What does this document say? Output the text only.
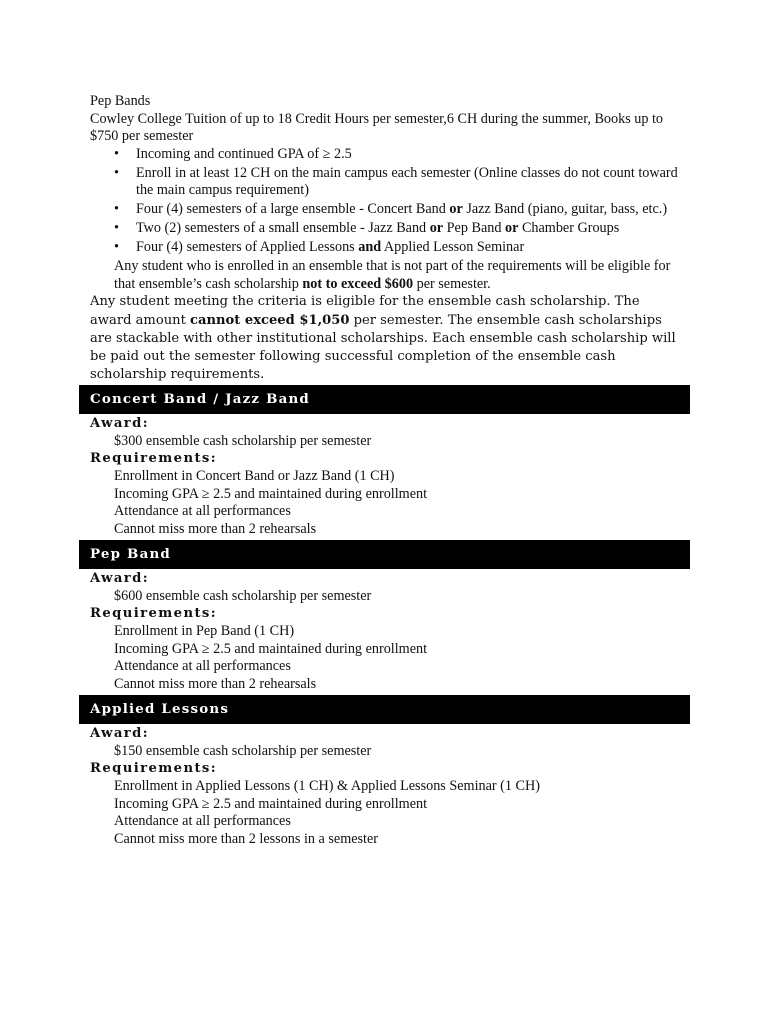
Pep Bands

Cowley College Tuition of up to 18 Credit Hours per semester,6 CH during the summer, Books up to $750 per semester

• Incoming and continued GPA of ≥ 2.5
• Enroll in at least 12 CH on the main campus each semester (Online classes do not count toward the main campus requirement)
• Four (4) semesters of a large ensemble - Concert Band or Jazz Band (piano, guitar, bass, etc.)
• Two (2) semesters of a small ensemble - Jazz Band or Pep Band or Chamber Groups
• Four (4) semesters of Applied Lessons and Applied Lesson Seminar

Any student who is enrolled in an ensemble that is not part of the requirements will be eligible for that ensemble’s cash scholarship not to exceed $600 per semester.

Any student meeting the criteria is eligible for the ensemble cash scholarship. The award amount cannot exceed $1,050 per semester. The ensemble cash scholarships are stackable with other institutional scholarships. Each ensemble cash scholarship will be paid out the semester following successful completion of the ensemble cash scholarship requirements.

Concert Band / Jazz Band

Award:

$300 ensemble cash scholarship per semester

Requirements:

Enrollment in Concert Band or Jazz Band (1 CH)

Incoming GPA ≥ 2.5 and maintained during enrollment

Attendance at all performances

Cannot miss more than 2 rehearsals

Pep Band

Award:

$600 ensemble cash scholarship per semester

Requirements:

Enrollment in Pep Band (1 CH)

Incoming GPA ≥ 2.5 and maintained during enrollment

Attendance at all performances

Cannot miss more than 2 rehearsals

Applied Lessons

Award:

$150 ensemble cash scholarship per semester

Requirements:

Enrollment in Applied Lessons (1 CH) & Applied Lessons Seminar (1 CH)

Incoming GPA ≥ 2.5 and maintained during enrollment

Attendance at all performances

Cannot miss more than 2 lessons in a semester
